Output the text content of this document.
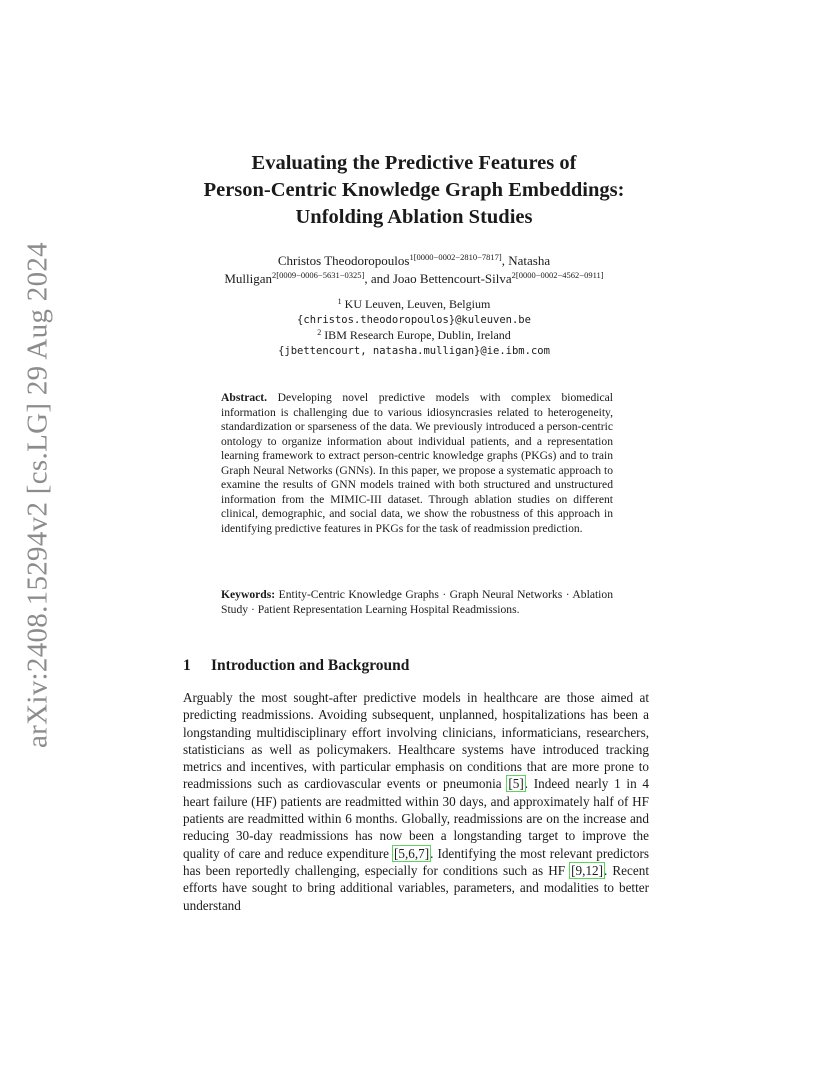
arXiv:2408.15294v2 [cs.LG] 29 Aug 2024
Evaluating the Predictive Features of
Person-Centric Knowledge Graph Embeddings:
Unfolding Ablation Studies
Christos Theodoropoulos$^{1[0000-0002-2810-7817]}$, Natasha
Mulligan$^{2[0009-0006-5631-0325]}$, and Joao Bettencourt-Silva$^{2[0000-0002-4562-0911]}$
$^1$ KU Leuven, Leuven, Belgium
{christos.theodoropoulos}@kuleuven.be
$^2$ IBM Research Europe, Dublin, Ireland
{jbettencourt, natasha.mulligan}@ie.ibm.com
Abstract. Developing novel predictive models with complex biomedical information is challenging due to various idiosyncrasies related to heterogeneity, standardization or sparseness of the data. We previously introduced a person-centric ontology to organize information about individual patients, and a representation learning framework to extract person-centric knowledge graphs (PKGs) and to train Graph Neural Networks (GNNs). In this paper, we propose a systematic approach to examine the results of GNN models trained with both structured and unstructured information from the MIMIC-III dataset. Through ablation studies on different clinical, demographic, and social data, we show the robustness of this approach in identifying predictive features in PKGs for the task of readmission prediction.
Keywords: Entity-Centric Knowledge Graphs · Graph Neural Networks · Ablation Study · Patient Representation Learning Hospital Readmissions.
1 Introduction and Background
Arguably the most sought-after predictive models in healthcare are those aimed at predicting readmissions. Avoiding subsequent, unplanned, hospitalizations has been a longstanding multidisciplinary effort involving clinicians, informaticians, researchers, statisticians as well as policymakers. Healthcare systems have introduced tracking metrics and incentives, with particular emphasis on conditions that are more prone to readmissions such as cardiovascular events or pneumonia [5]. Indeed nearly 1 in 4 heart failure (HF) patients are readmitted within 30 days, and approximately half of HF patients are readmitted within 6 months. Globally, readmissions are on the increase and reducing 30-day readmissions has now been a longstanding target to improve the quality of care and reduce expenditure [5,6,7]. Identifying the most relevant predictors has been reportedly challenging, especially for conditions such as HF [9,12]. Recent efforts have sought to bring additional variables, parameters, and modalities to better understand
